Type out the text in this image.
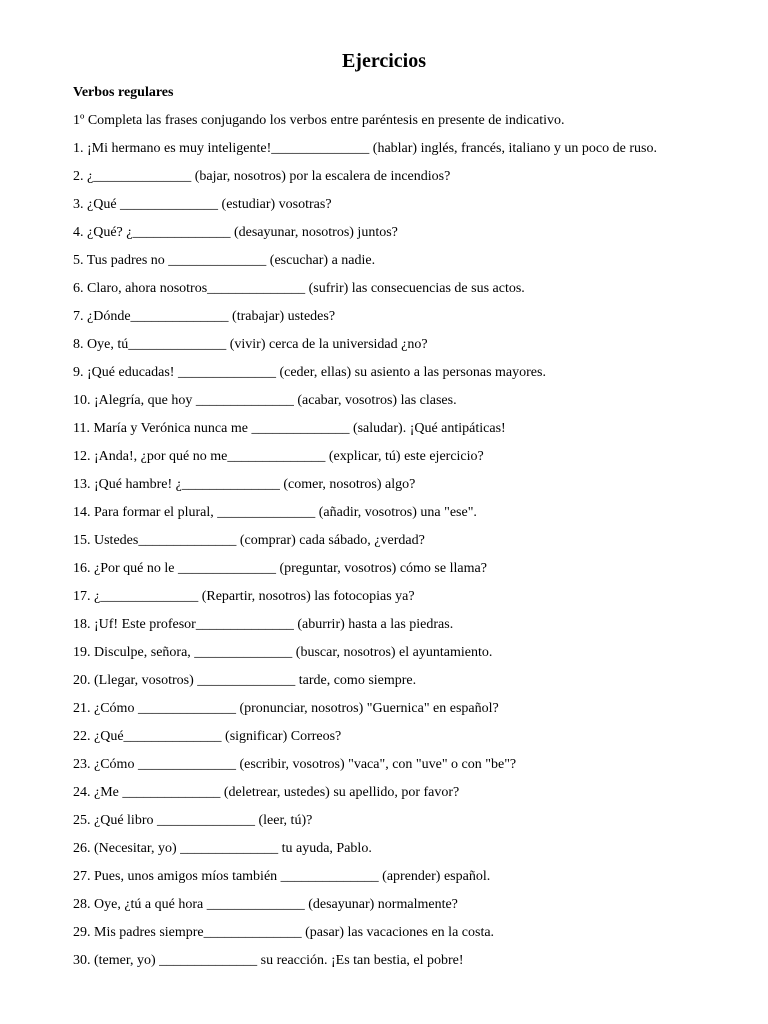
Ejercicios
Verbos regulares
1º Completa las frases conjugando los verbos entre paréntesis en presente de indicativo.
1. ¡Mi hermano es muy inteligente!______________ (hablar) inglés, francés, italiano y un poco de ruso.
2. ¿______________ (bajar, nosotros) por la escalera de incendios?
3. ¿Qué ______________ (estudiar) vosotras?
4. ¿Qué? ¿______________ (desayunar, nosotros) juntos?
5. Tus padres no ______________ (escuchar) a nadie.
6. Claro, ahora nosotros______________ (sufrir) las consecuencias de sus actos.
7. ¿Dónde______________ (trabajar) ustedes?
8. Oye, tú______________ (vivir) cerca de la universidad ¿no?
9. ¡Qué educadas! ______________ (ceder, ellas) su asiento a las personas mayores.
10. ¡Alegría, que hoy ______________ (acabar, vosotros) las clases.
11. María y Verónica nunca me ______________ (saludar). ¡Qué antipáticas!
12. ¡Anda!, ¿por qué no me______________ (explicar, tú) este ejercicio?
13. ¡Qué hambre! ¿______________ (comer, nosotros) algo?
14. Para formar el plural, ______________ (añadir, vosotros) una "ese".
15. Ustedes______________ (comprar) cada sábado, ¿verdad?
16. ¿Por qué no le ______________ (preguntar, vosotros) cómo se llama?
17. ¿______________ (Repartir, nosotros) las fotocopias ya?
18. ¡Uf! Este profesor______________ (aburrir) hasta a las piedras.
19. Disculpe, señora, ______________ (buscar, nosotros) el ayuntamiento.
20. (Llegar, vosotros) ______________ tarde, como siempre.
21. ¿Cómo ______________ (pronunciar, nosotros) "Guernica" en español?
22. ¿Qué______________ (significar) Correos?
23. ¿Cómo ______________ (escribir, vosotros) "vaca", con "uve" o con "be"?
24. ¿Me ______________ (deletrear, ustedes) su apellido, por favor?
25. ¿Qué libro ______________ (leer, tú)?
26. (Necesitar, yo) ______________ tu ayuda, Pablo.
27. Pues, unos amigos míos también ______________ (aprender) español.
28. Oye, ¿tú a qué hora ______________ (desayunar) normalmente?
29. Mis padres siempre______________ (pasar) las vacaciones en la costa.
30. (temer, yo) ______________ su reacción. ¡Es tan bestia, el pobre!
